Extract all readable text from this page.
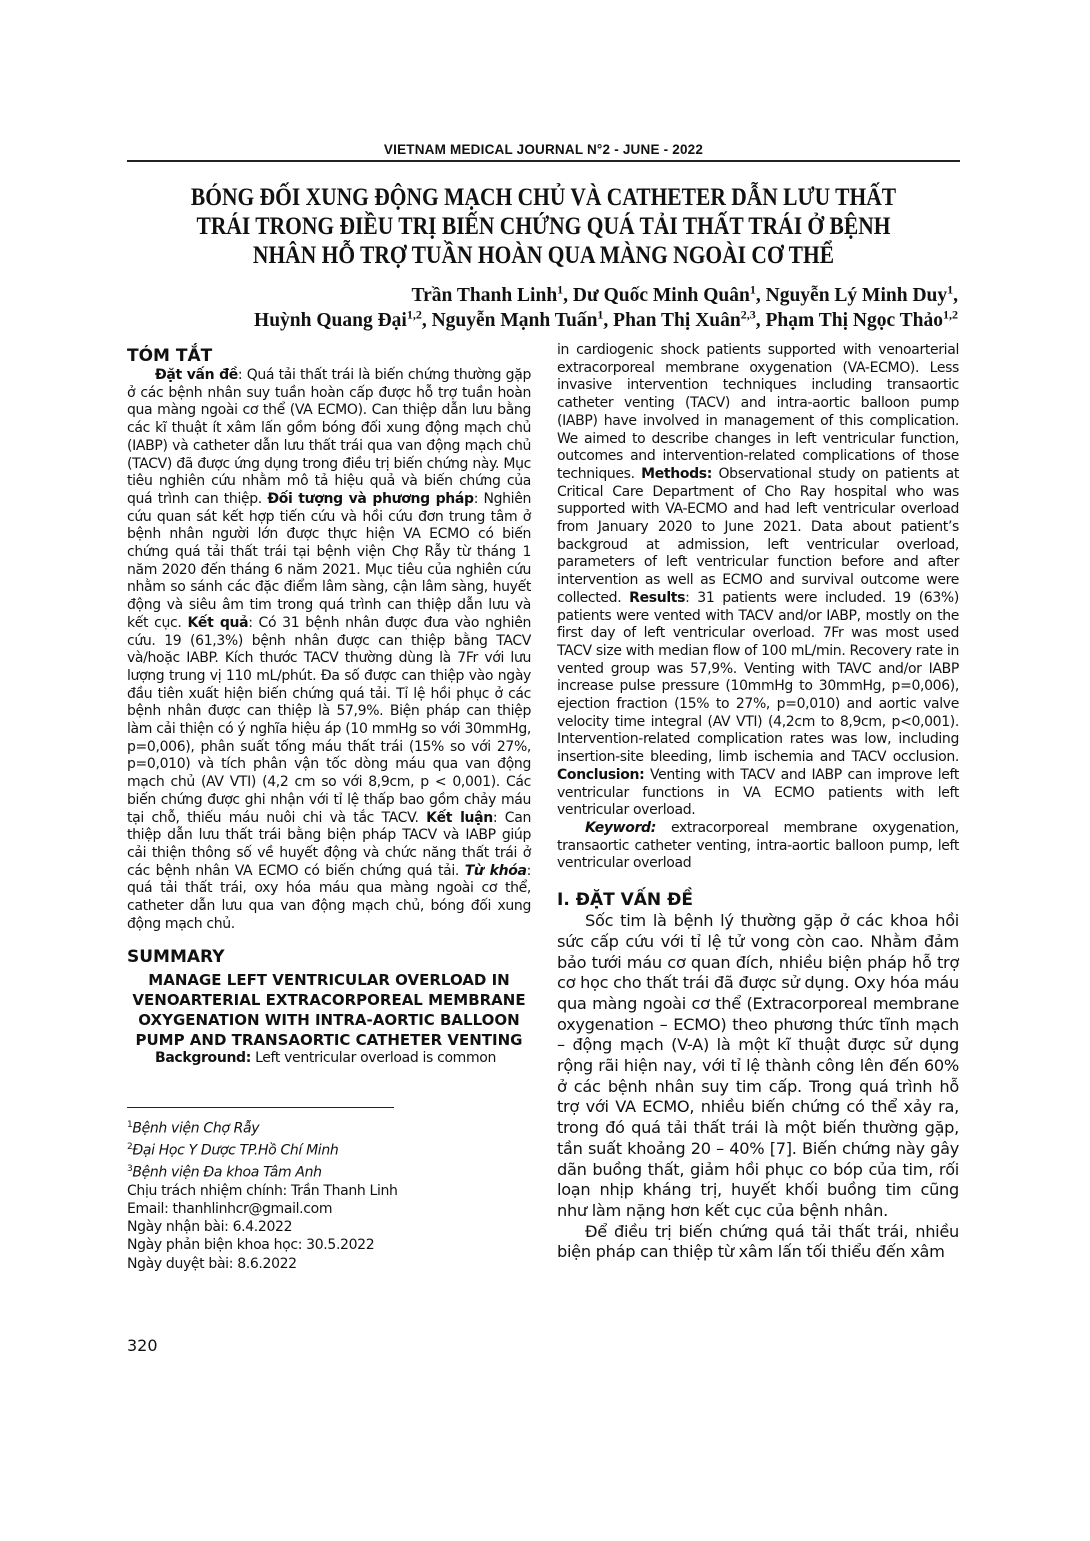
VIETNAM MEDICAL JOURNAL N°2 - JUNE - 2022
BÓNG ĐỐI XUNG ĐỘNG MẠCH CHỦ VÀ CATHETER DẪN LƯU THẤT
TRÁI TRONG ĐIỀU TRỊ BIẾN CHỨNG QUÁ TẢI THẤT TRÁI Ở BỆNH
NHÂN HỖ TRỢ TUẦN HOÀN QUA MÀNG NGOÀI CƠ THỂ
Trần Thanh Linh$^1$, Dư Quốc Minh Quân$^1$, Nguyễn Lý Minh Duy$^1$,
Huỳnh Quang Đại$^{1,2}$, Nguyễn Mạnh Tuấn$^1$, Phan Thị Xuân$^{2,3}$, Phạm Thị Ngọc Thảo$^{1,2}$
TÓM TẮT

Đặt vấn đề: Quá tải thất trái là biến chứng thường gặp ở các bệnh nhân suy tuần hoàn cấp được hỗ trợ tuần hoàn qua màng ngoài cơ thể (VA ECMO). Can thiệp dẫn lưu bằng các kĩ thuật ít xâm lấn gồm bóng đối xung động mạch chủ (IABP) và catheter dẫn lưu thất trái qua van động mạch chủ (TACV) đã được ứng dụng trong điều trị biến chứng này. Mục tiêu nghiên cứu nhằm mô tả hiệu quả và biến chứng của quá trình can thiệp. Đối tượng và phương pháp: Nghiên cứu quan sát kết hợp tiến cứu và hồi cứu đơn trung tâm ở bệnh nhân người lớn được thực hiện VA ECMO có biến chứng quá tải thất trái tại bệnh viện Chợ Rẫy từ tháng 1 năm 2020 đến tháng 6 năm 2021. Mục tiêu của nghiên cứu nhằm so sánh các đặc điểm lâm sàng, cận lâm sàng, huyết động và siêu âm tim trong quá trình can thiệp dẫn lưu và kết cục. Kết quả: Có 31 bệnh nhân được đưa vào nghiên cứu. 19 (61,3%) bệnh nhân được can thiệp bằng TACV và/hoặc IABP. Kích thước TACV thường dùng là 7Fr với lưu lượng trung vị 110 mL/phút. Đa số được can thiệp vào ngày đầu tiên xuất hiện biến chứng quá tải. Tỉ lệ hồi phục ở các bệnh nhân được can thiệp là 57,9%. Biện pháp can thiệp làm cải thiện có ý nghĩa hiệu áp (10 mmHg so với 30mmHg, p=0,006), phân suất tống máu thất trái (15% so với 27%, p=0,010) và tích phân vận tốc dòng máu qua van động mạch chủ (AV VTI) (4,2 cm so với 8,9cm, p < 0,001). Các biến chứng được ghi nhận với tỉ lệ thấp bao gồm chảy máu tại chỗ, thiếu máu nuôi chi và tắc TACV. Kết luận: Can thiệp dẫn lưu thất trái bằng biện pháp TACV và IABP giúp cải thiện thông số về huyết động và chức năng thất trái ở các bệnh nhân VA ECMO có biến chứng quá tải. Từ khóa: quá tải thất trái, oxy hóa máu qua màng ngoài cơ thể, catheter dẫn lưu qua van động mạch chủ, bóng đối xung động mạch chủ.

SUMMARY
MANAGE LEFT VENTRICULAR OVERLOAD IN VENOARTERIAL EXTRACORPOREAL MEMBRANE OXYGENATION WITH INTRA-AORTIC BALLOON PUMP AND TRANSAORTIC CATHETER VENTING

Background: Left ventricular overload is common

$^1$Bệnh viện Chợ Rẫy
$^2$Đại Học Y Dược TP.Hồ Chí Minh
$^3$Bệnh viện Đa khoa Tâm Anh
Chịu trách nhiệm chính: Trần Thanh Linh
Email: thanhlinhcr@gmail.com
Ngày nhận bài: 6.4.2022
Ngày phản biện khoa học: 30.5.2022
Ngày duyệt bài: 8.6.2022
320

in cardiogenic shock patients supported with venoarterial extracorporeal membrane oxygenation (VA-ECMO). Less invasive intervention techniques including transaortic catheter venting (TACV) and intra-aortic balloon pump (IABP) have involved in management of this complication. We aimed to describe changes in left ventricular function, outcomes and intervention-related complications of those techniques. Methods: Observational study on patients at Critical Care Department of Cho Ray hospital who was supported with VA-ECMO and had left ventricular overload from January 2020 to June 2021. Data about patient’s backgroud at admission, left ventricular overload, parameters of left ventricular function before and after intervention as well as ECMO and survival outcome were collected. Results: 31 patients were included. 19 (63%) patients were vented with TACV and/or IABP, mostly on the first day of left ventricular overload. 7Fr was most used TACV size with median flow of 100 mL/min. Recovery rate in vented group was 57,9%. Venting with TAVC and/or IABP increase pulse pressure (10mmHg to 30mmHg, p=0,006), ejection fraction (15% to 27%, p=0,010) and aortic valve velocity time integral (AV VTI) (4,2cm to 8,9cm, p<0,001). Intervention-related complication rates was low, including insertion-site bleeding, limb ischemia and TACV occlusion. Conclusion: Venting with TACV and IABP can improve left ventricular functions in VA ECMO patients with left ventricular overload.

Keyword: extracorporeal membrane oxygenation, transaortic catheter venting, intra-aortic balloon pump, left ventricular overload

I. ĐẶT VẤN ĐỀ

Sốc tim là bệnh lý thường gặp ở các khoa hồi sức cấp cứu với tỉ lệ tử vong còn cao. Nhằm đảm bảo tưới máu cơ quan đích, nhiều biện pháp hỗ trợ cơ học cho thất trái đã được sử dụng. Oxy hóa máu qua màng ngoài cơ thể (Extracorporeal membrane oxygenation – ECMO) theo phương thức tĩnh mạch – động mạch (V-A) là một kĩ thuật được sử dụng rộng rãi hiện nay, với tỉ lệ thành công lên đến 60% ở các bệnh nhân suy tim cấp. Trong quá trình hỗ trợ với VA ECMO, nhiều biến chứng có thể xảy ra, trong đó quá tải thất trái là một biến thường gặp, tần suất khoảng 20 – 40% [7]. Biến chứng này gây dãn buồng thất, giảm hồi phục co bóp của tim, rối loạn nhịp kháng trị, huyết khối buồng tim cũng như làm nặng hơn kết cục của bệnh nhân.

Để điều trị biến chứng quá tải thất trái, nhiều biện pháp can thiệp từ xâm lấn tối thiểu đến xâm
